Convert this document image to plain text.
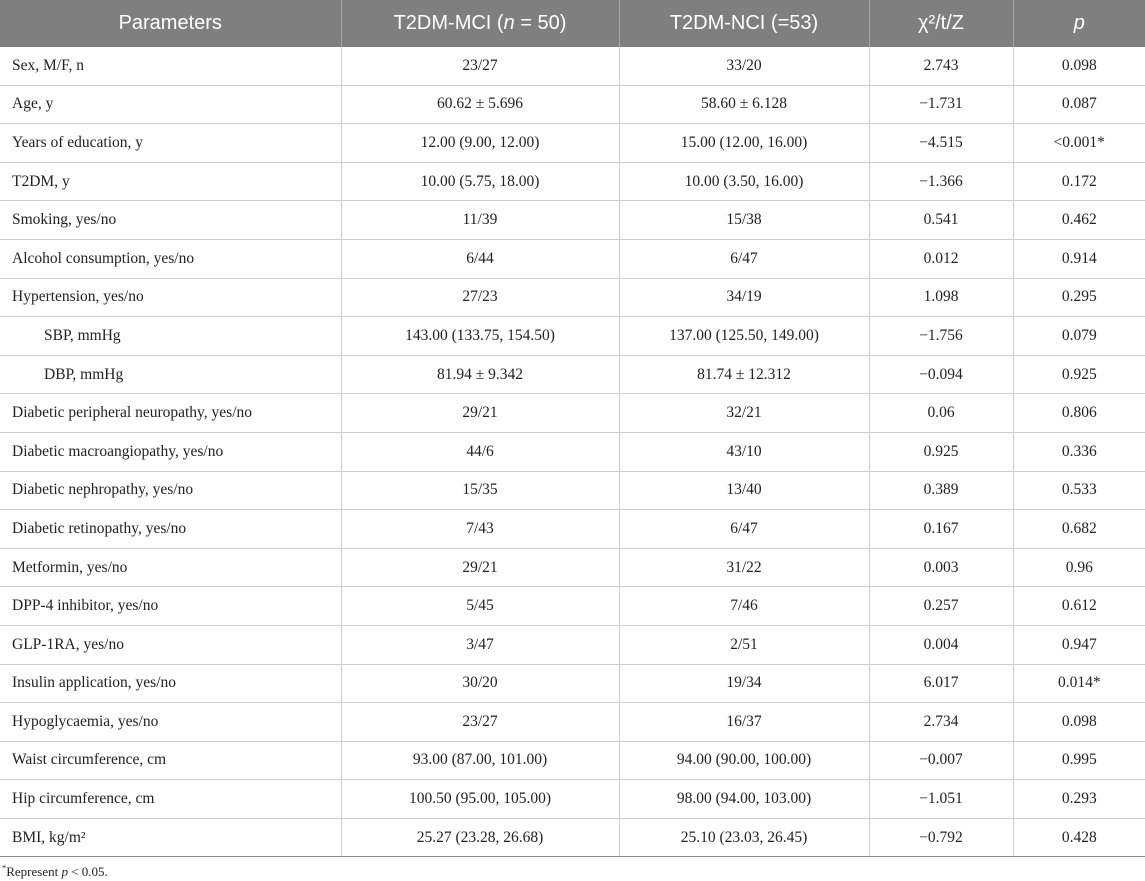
Parameters	T2DM-MCI (n = 50)	T2DM-NCI (=53)	χ²/t/Z	p
Sex, M/F, n	23/27	33/20	2.743	0.098
Age, y	60.62 ± 5.696	58.60 ± 6.128	−1.731	0.087
Years of education, y	12.00 (9.00, 12.00)	15.00 (12.00, 16.00)	−4.515	<0.001*
T2DM, y	10.00 (5.75, 18.00)	10.00 (3.50, 16.00)	−1.366	0.172
Smoking, yes/no	11/39	15/38	0.541	0.462
Alcohol consumption, yes/no	6/44	6/47	0.012	0.914
Hypertension, yes/no	27/23	34/19	1.098	0.295
SBP, mmHg	143.00 (133.75, 154.50)	137.00 (125.50, 149.00)	−1.756	0.079
DBP, mmHg	81.94 ± 9.342	81.74 ± 12.312	−0.094	0.925
Diabetic peripheral neuropathy, yes/no	29/21	32/21	0.06	0.806
Diabetic macroangiopathy, yes/no	44/6	43/10	0.925	0.336
Diabetic nephropathy, yes/no	15/35	13/40	0.389	0.533
Diabetic retinopathy, yes/no	7/43	6/47	0.167	0.682
Metformin, yes/no	29/21	31/22	0.003	0.96
DPP-4 inhibitor, yes/no	5/45	7/46	0.257	0.612
GLP-1RA, yes/no	3/47	2/51	0.004	0.947
Insulin application, yes/no	30/20	19/34	6.017	0.014*
Hypoglycaemia, yes/no	23/27	16/37	2.734	0.098
Waist circumference, cm	93.00 (87.00, 101.00)	94.00 (90.00, 100.00)	−0.007	0.995
Hip circumference, cm	100.50 (95.00, 105.00)	98.00 (94.00, 103.00)	−1.051	0.293
BMI, kg/m²	25.27 (23.28, 26.68)	25.10 (23.03, 26.45)	−0.792	0.428
*Represent p < 0.05.
